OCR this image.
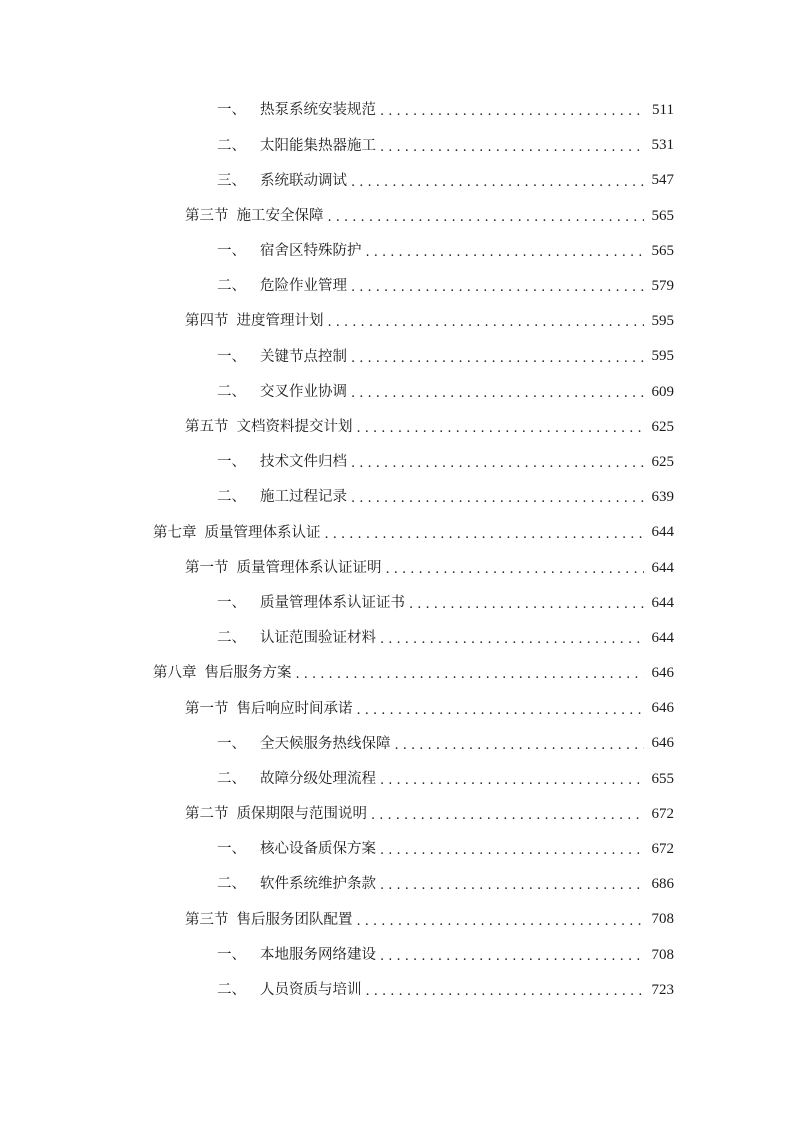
一、 热泵系统安装规范 . . .	511
二、 太阳能集热器施工 . . .	531
三、 系统联动调试 . . .	547
第三节 施工安全保障 . . .	565
一、 宿舍区特殊防护 . . .	565
二、 危险作业管理 . . .	579
第四节 进度管理计划 . . .	595
一、 关键节点控制 . . .	595
二、 交叉作业协调 . . .	609
第五节 文档资料提交计划 . . .	625
一、 技术文件归档 . . .	625
二、 施工过程记录 . . .	639
第七章 质量管理体系认证 . . .	644
第一节 质量管理体系认证证明 . . .	644
一、 质量管理体系认证证书 . . .	644
二、 认证范围验证材料 . . .	644
第八章 售后服务方案 . . .	646
第一节 售后响应时间承诺 . . .	646
一、 全天候服务热线保障 . . .	646
二、 故障分级处理流程 . . .	655
第二节 质保期限与范围说明 . . .	672
一、 核心设备质保方案 . . .	672
二、 软件系统维护条款 . . .	686
第三节 售后服务团队配置 . . .	708
一、 本地服务网络建设 . . .	708
二、 人员资质与培训 . . .	723
